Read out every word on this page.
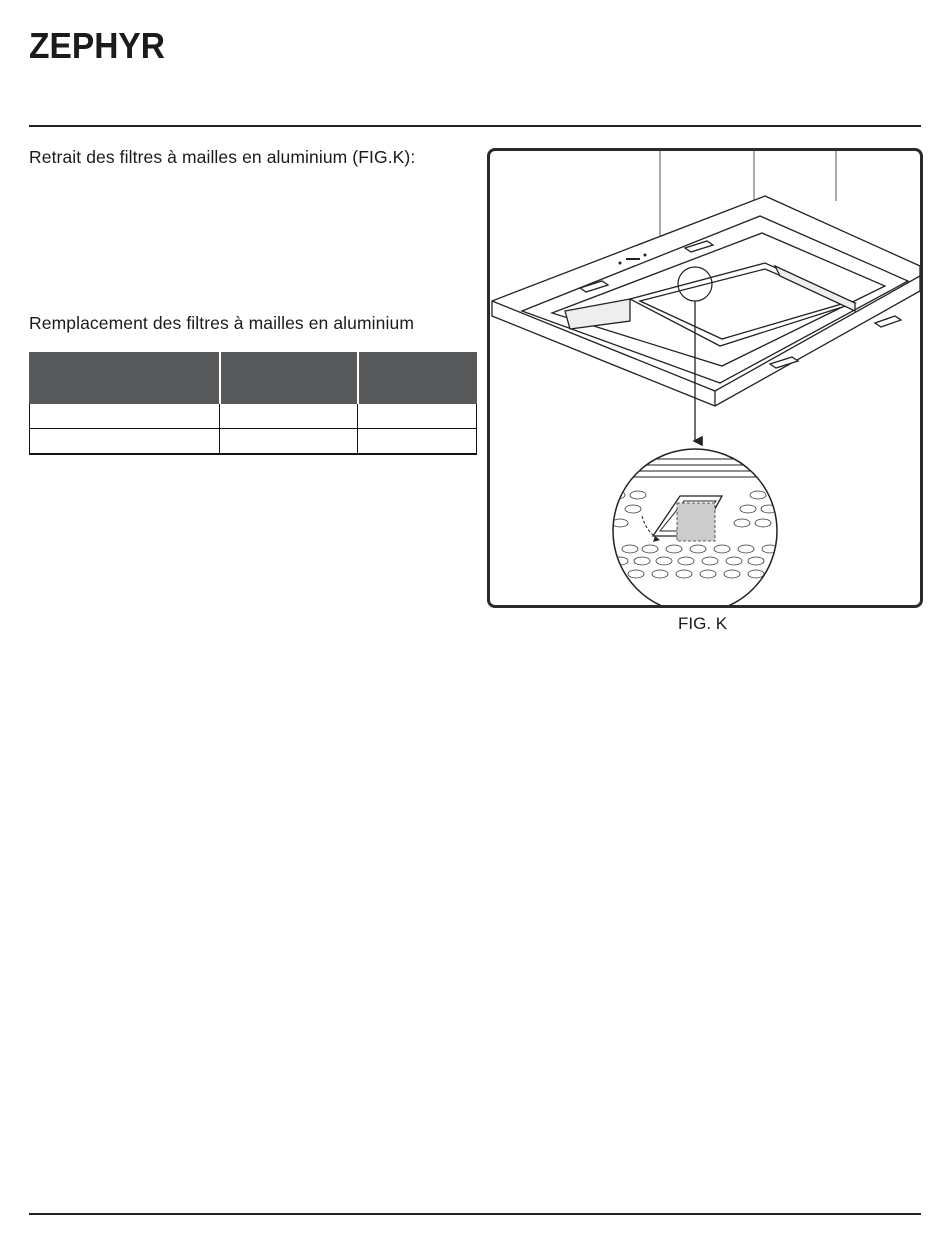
ZEPHYR
Retrait des filtres à mailles en aluminium (FIG.K):
Remplacement des filtres à mailles en aluminium

FIG. K
